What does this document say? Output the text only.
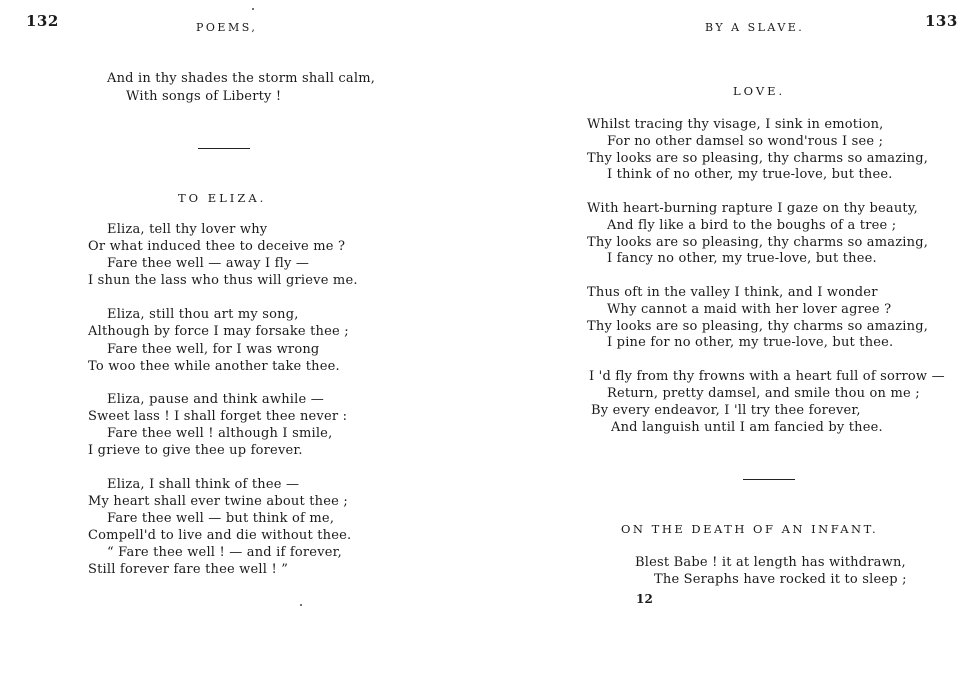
132	POEMS,
And in thy shades the storm shall calm,
With songs of Liberty !
TO ELIZA.
Eliza, tell thy lover why
Or what induced thee to deceive me ?
Fare thee well — away I fly —
I shun the lass who thus will grieve me.
Eliza, still thou art my song,
Although by force I may forsake thee ;
Fare thee well, for I was wrong
To woo thee while another take thee.
Eliza, pause and think awhile —
Sweet lass ! I shall forget thee never :
Fare thee well ! although I smile,
I grieve to give thee up forever.
Eliza, I shall think of thee —
My heart shall ever twine about thee ;
Fare thee well — but think of me,
Compell'd to live and die without thee.
“ Fare thee well ! — and if forever,
Still forever fare thee well ! ”
BY A SLAVE.	133
LOVE.
Whilst tracing thy visage, I sink in emotion,
For no other damsel so wond'rous I see ;
Thy looks are so pleasing, thy charms so amazing,
I think of no other, my true-love, but thee.
With heart-burning rapture I gaze on thy beauty,
And fly like a bird to the boughs of a tree ;
Thy looks are so pleasing, thy charms so amazing,
I fancy no other, my true-love, but thee.
Thus oft in the valley I think, and I wonder
Why cannot a maid with her lover agree ?
Thy looks are so pleasing, thy charms so amazing,
I pine for no other, my true-love, but thee.
I 'd fly from thy frowns with a heart full of sorrow —
Return, pretty damsel, and smile thou on me ;
By every endeavor, I 'll try thee forever,
And languish until I am fancied by thee.
ON THE DEATH OF AN INFANT.
Blest Babe ! it at length has withdrawn,
The Seraphs have rocked it to sleep ;
12
